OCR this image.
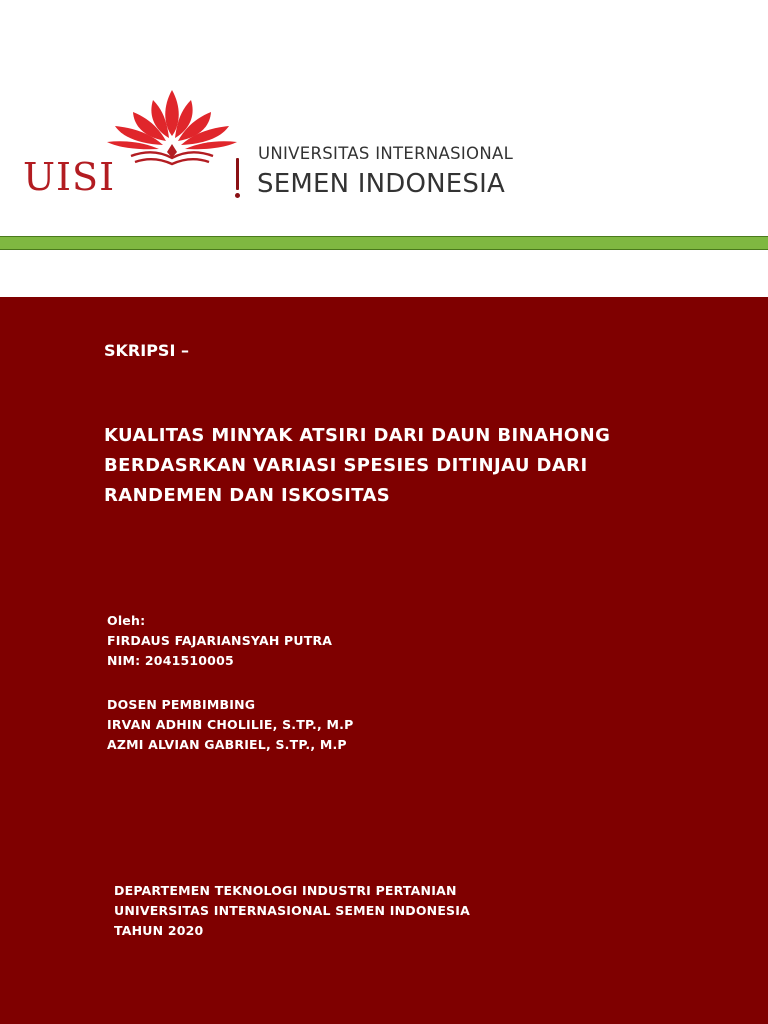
UISI
UNIVERSITAS INTERNASIONAL
SEMEN INDONESIA
SKRIPSI –
KUALITAS MINYAK ATSIRI DARI DAUN BINAHONG
BERDASRKAN VARIASI SPESIES DITINJAU DARI
RANDEMEN DAN ISKOSITAS
Oleh:
FIRDAUS FAJARIANSYAH PUTRA
NIM: 2041510005
DOSEN PEMBIMBING
IRVAN ADHIN CHOLILIE, S.TP., M.P
AZMI ALVIAN GABRIEL, S.TP., M.P
DEPARTEMEN TEKNOLOGI INDUSTRI PERTANIAN
UNIVERSITAS INTERNASIONAL SEMEN INDONESIA
TAHUN 2020
